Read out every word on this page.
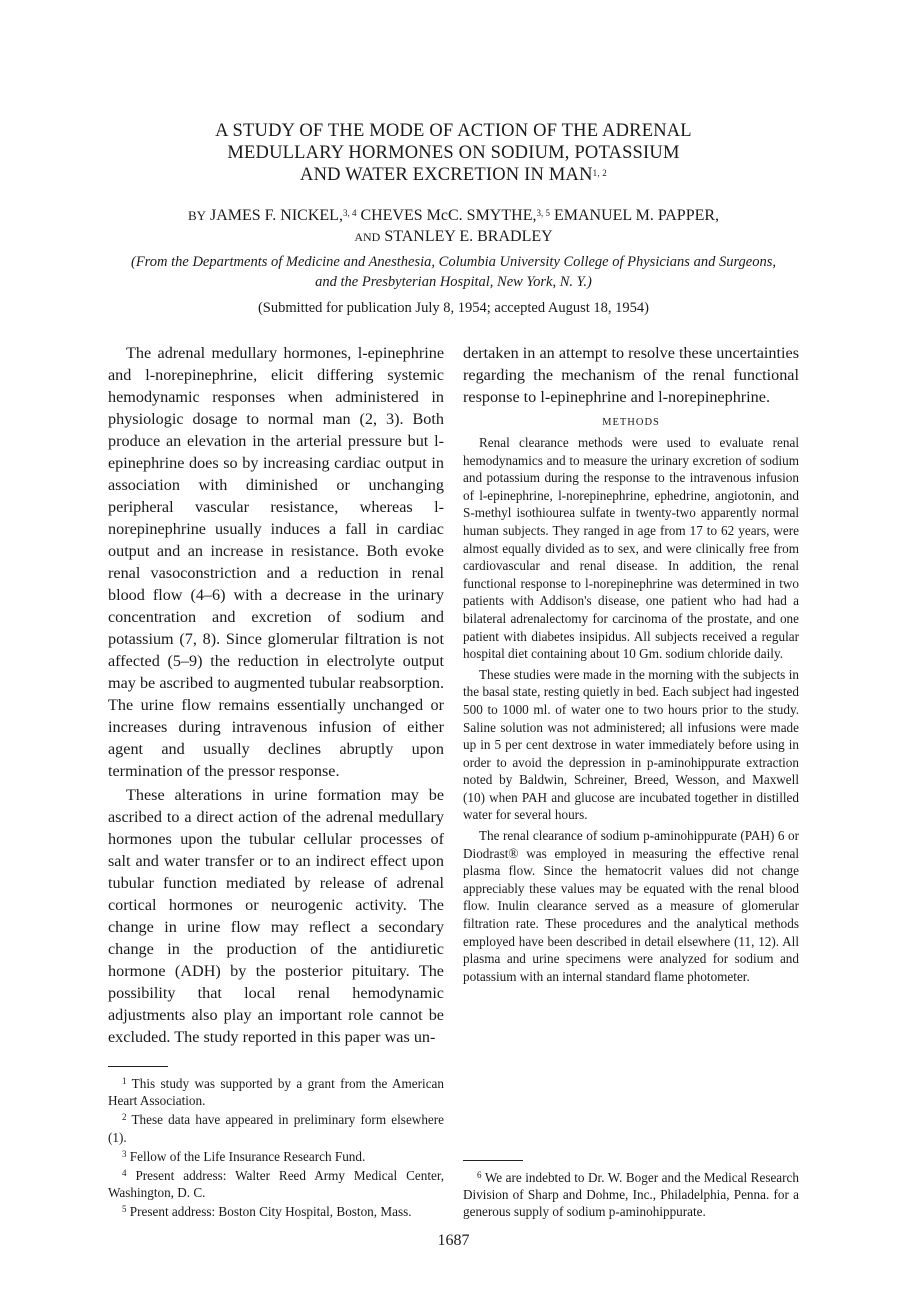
A STUDY OF THE MODE OF ACTION OF THE ADRENAL
MEDULLARY HORMONES ON SODIUM, POTASSIUM
AND WATER EXCRETION IN MAN$^{1, 2}$
BY JAMES F. NICKEL,$^{3, 4}$ CHEVES McC. SMYTHE,$^{3, 5}$ EMANUEL M. PAPPER,
AND STANLEY E. BRADLEY
(From the Departments of Medicine and Anesthesia, Columbia University College of Physicians and Surgeons, and the Presbyterian Hospital, New York, N. Y.)
(Submitted for publication July 8, 1954; accepted August 18, 1954)

The adrenal medullary hormones, l-epinephrine and l-norepinephrine, elicit differing systemic hemodynamic responses when administered in physiologic dosage to normal man (2, 3). Both produce an elevation in the arterial pressure but l-epinephrine does so by increasing cardiac output in association with diminished or unchanging peripheral vascular resistance, whereas l-norepinephrine usually induces a fall in cardiac output and an increase in resistance. Both evoke renal vasoconstriction and a reduction in renal blood flow (4–6) with a decrease in the urinary concentration and excretion of sodium and potassium (7, 8). Since glomerular filtration is not affected (5–9) the reduction in electrolyte output may be ascribed to augmented tubular reabsorption. The urine flow remains essentially unchanged or increases during intravenous infusion of either agent and usually declines abruptly upon termination of the pressor response.

These alterations in urine formation may be ascribed to a direct action of the adrenal medullary hormones upon the tubular cellular processes of salt and water transfer or to an indirect effect upon tubular function mediated by release of adrenal cortical hormones or neurogenic activity. The change in urine flow may reflect a secondary change in the production of the antidiuretic hormone (ADH) by the posterior pituitary. The possibility that local renal hemodynamic adjustments also play an important role cannot be excluded. The study reported in this paper was un-

$^1$ This study was supported by a grant from the American Heart Association.

$^2$ These data have appeared in preliminary form elsewhere (1).

$^3$ Fellow of the Life Insurance Research Fund.

$^4$ Present address: Walter Reed Army Medical Center, Washington, D. C.

$^5$ Present address: Boston City Hospital, Boston, Mass.

dertaken in an attempt to resolve these uncertainties regarding the mechanism of the renal functional response to l-epinephrine and l-norepinephrine.

METHODS

Renal clearance methods were used to evaluate renal hemodynamics and to measure the urinary excretion of sodium and potassium during the response to the intravenous infusion of l-epinephrine, l-norepinephrine, ephedrine, angiotonin, and S-methyl isothiourea sulfate in twenty-two apparently normal human subjects. They ranged in age from 17 to 62 years, were almost equally divided as to sex, and were clinically free from cardiovascular and renal disease. In addition, the renal functional response to l-norepinephrine was determined in two patients with Addison's disease, one patient who had had a bilateral adrenalectomy for carcinoma of the prostate, and one patient with diabetes insipidus. All subjects received a regular hospital diet containing about 10 Gm. sodium chloride daily.

These studies were made in the morning with the subjects in the basal state, resting quietly in bed. Each subject had ingested 500 to 1000 ml. of water one to two hours prior to the study. Saline solution was not administered; all infusions were made up in 5 per cent dextrose in water immediately before using in order to avoid the depression in p-aminohippurate extraction noted by Baldwin, Schreiner, Breed, Wesson, and Maxwell (10) when PAH and glucose are incubated together in distilled water for several hours.

The renal clearance of sodium p-aminohippurate (PAH) 6 or Diodrast® was employed in measuring the effective renal plasma flow. Since the hematocrit values did not change appreciably these values may be equated with the renal blood flow. Inulin clearance served as a measure of glomerular filtration rate. These procedures and the analytical methods employed have been described in detail elsewhere (11, 12). All plasma and urine specimens were analyzed for sodium and potassium with an internal standard flame photometer.

$^6$ We are indebted to Dr. W. Boger and the Medical Research Division of Sharp and Dohme, Inc., Philadelphia, Penna. for a generous supply of sodium p-aminohippurate.

1687
